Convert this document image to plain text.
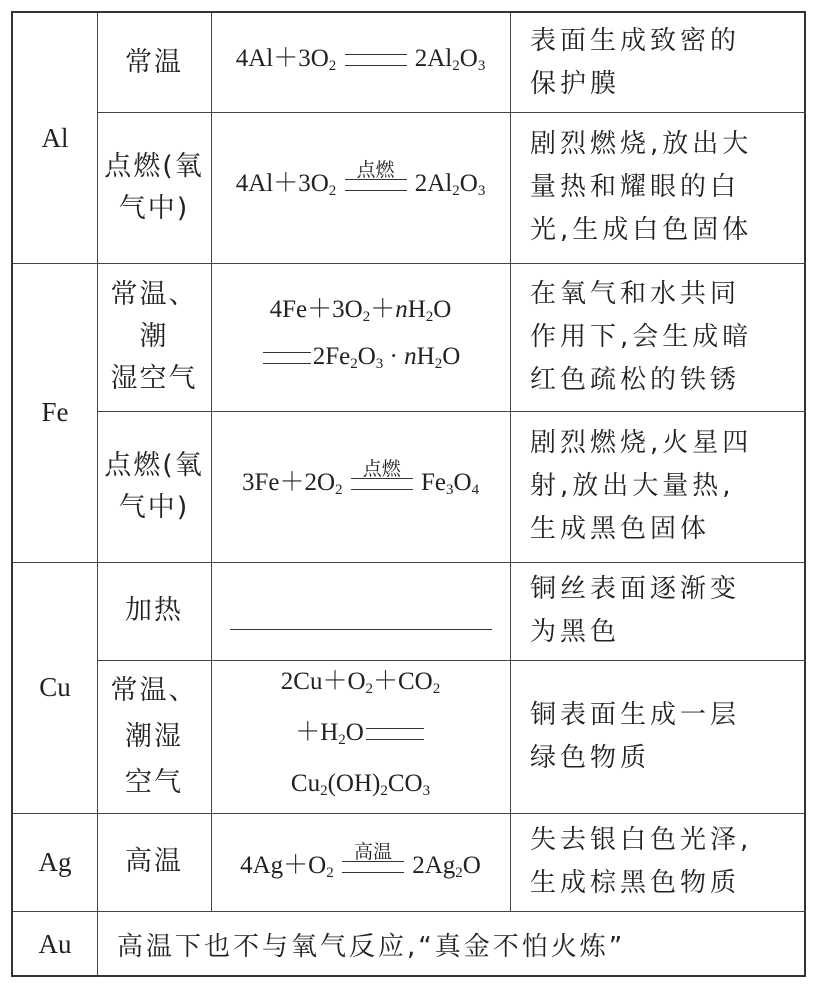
Al
常温 $4Al+3O_2$	$2Al_2O_3$
表面生成致密的
保护膜
点燃(氧
气中)
$4Al+3O_2$
点燃 $2Al_2O_3$
剧烈燃烧,放出大
量热和耀眼的白
光,生成白色固体
Fe
常温、潮
湿空气
$4Fe+3O_2+nH_2O$
$2Fe_2O_3 \cdot nH_2O$
在氧气和水共同
作用下,会生成暗
红色疏松的铁锈
点燃(氧
气中)
$3Fe+2O_2$
点燃 $Fe_3O_4$
剧烈燃烧,火星四
射,放出大量热,
生成黑色固体
Cu
加热
铜丝表面逐渐变
为黑色
常温、
潮湿
空气
$2Cu+O_2+CO_2$
$+H_2O$
$Cu_2(OH)_2CO_3$
铜表面生成一层
绿色物质
Ag 高温 $4Ag+O_2$
高温 $2Ag_2O$
失去银白色光泽,
生成棕黑色物质
Au 高温下也不与氧气反应,“真金不怕火炼”
